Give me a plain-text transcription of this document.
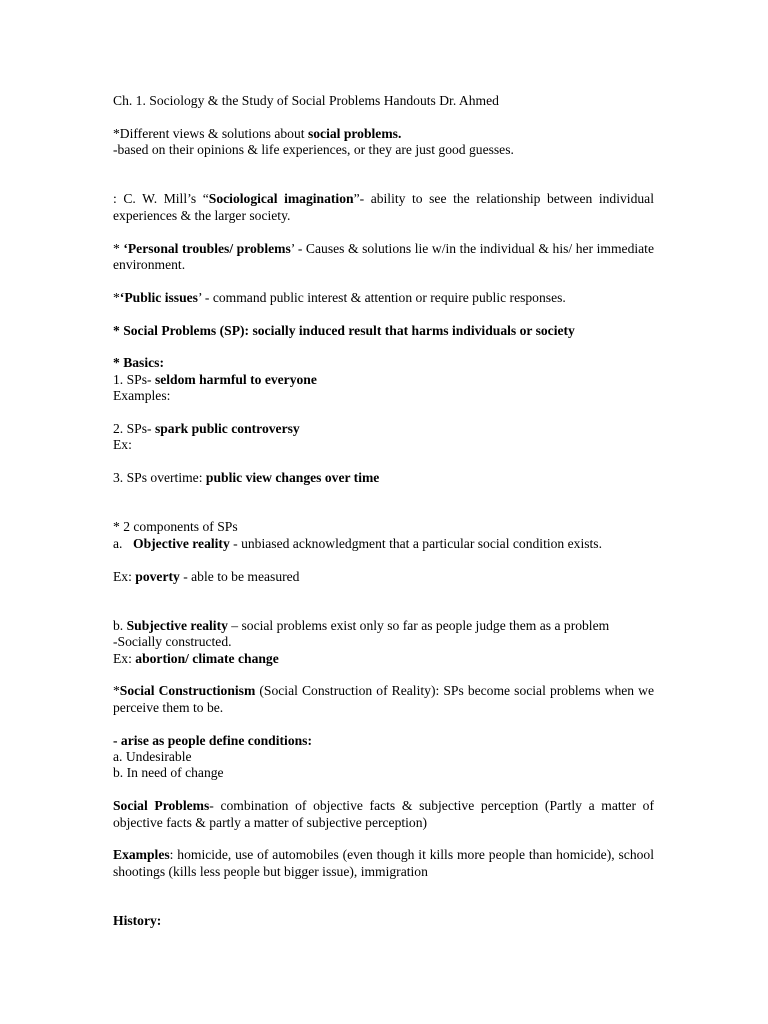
Ch. 1. Sociology & the Study of Social Problems Handouts Dr. Ahmed

*Different views & solutions about social problems.

-based on their opinions & life experiences, or they are just good guesses.

: C. W. Mill’s “Sociological imagination”- ability to see the relationship between individual experiences & the larger society.

* ‘Personal troubles/ problems’ - Causes & solutions lie w/in the individual & his/ her immediate environment.

*‘Public issues’ - command public interest & attention or require public responses.

* Social Problems (SP): socially induced result that harms individuals or society

* Basics:

1. SPs- seldom harmful to everyone

Examples:

2. SPs- spark public controversy

Ex:

3. SPs overtime: public view changes over time

* 2 components of SPs

a. Objective reality - unbiased acknowledgment that a particular social condition exists.

Ex: poverty - able to be measured

b. Subjective reality – social problems exist only so far as people judge them as a problem

-Socially constructed.

Ex: abortion/ climate change

*Social Constructionism (Social Construction of Reality): SPs become social problems when we perceive them to be.

- arise as people define conditions:

a. Undesirable

b. In need of change

Social Problems- combination of objective facts & subjective perception (Partly a matter of objective facts & partly a matter of subjective perception)

Examples: homicide, use of automobiles (even though it kills more people than homicide), school shootings (kills less people but bigger issue), immigration

History:
